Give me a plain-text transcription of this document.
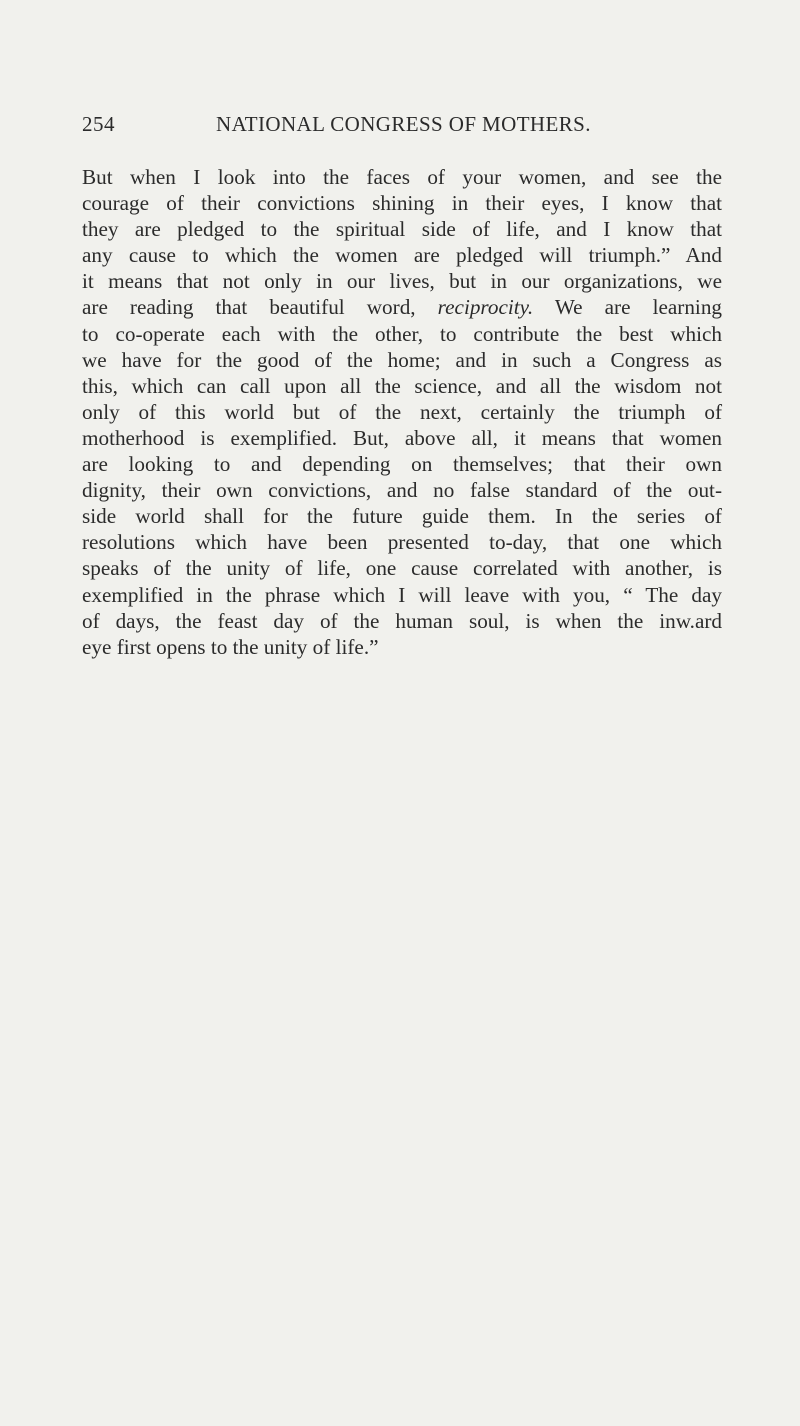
254	NATIONAL CONGRESS OF MOTHERS.
But when I look into the faces of your women, and see the
courage of their convictions shining in their eyes, I know that
they are pledged to the spiritual side of life, and I know that
any cause to which the women are pledged will triumph.” And
it means that not only in our lives, but in our organizations, we
are reading that beautiful word, reciprocity. We are learning
to co-operate each with the other, to contribute the best which
we have for the good of the home; and in such a Congress as
this, which can call upon all the science, and all the wisdom not
only of this world but of the next, certainly the triumph of
motherhood is exemplified. But, above all, it means that women
are looking to and depending on themselves; that their own
dignity, their own convictions, and no false standard of the out-
side world shall for the future guide them. In the series of
resolutions which have been presented to-day, that one which
speaks of the unity of life, one cause correlated with another, is
exemplified in the phrase which I will leave with you, “ The day
of days, the feast day of the human soul, is when the inw.ard
eye first opens to the unity of life.”
